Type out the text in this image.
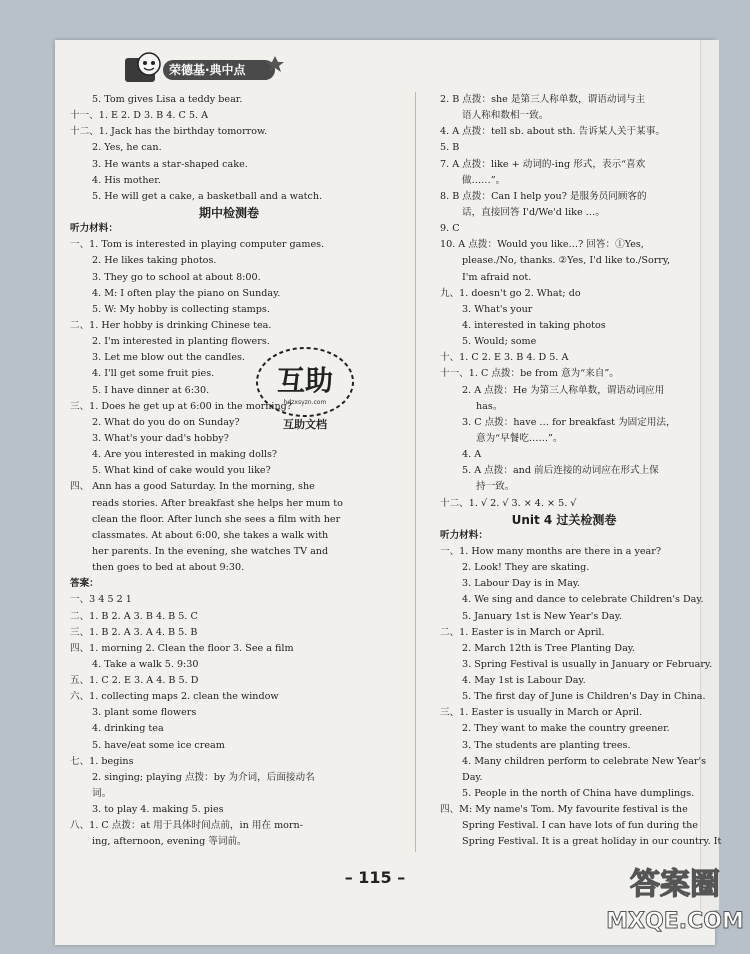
荣德基·典中点
5. Tom gives Lisa a teddy bear.
十一、1. E 2. D 3. B 4. C 5. A
十二、1. Jack has the birthday tomorrow.
2. Yes, he can.
3. He wants a star-shaped cake.
4. His mother.
5. He will get a cake, a basketball and a watch.
期中检测卷
听力材料：
一、1. Tom is interested in playing computer games.
2. He likes taking photos.
3. They go to school at about 8:00.
4. M: I often play the piano on Sunday.
5. W: My hobby is collecting stamps.
二、1. Her hobby is drinking Chinese tea.
2. I'm interested in planting flowers.
3. Let me blow out the candles.
4. I'll get some fruit pies.
5. I have dinner at 6:30.
三、1. Does he get up at 6:00 in the morning?
2. What do you do on Sunday?
3. What's your dad's hobby?
4. Are you interested in making dolls?
5. What kind of cake would you like?
四、 Ann has a good Saturday. In the morning, she
reads stories. After breakfast she helps her mum to
clean the floor. After lunch she sees a film with her
classmates. At about 6:00, she takes a walk with
her parents. In the evening, she watches TV and
then goes to bed at about 9:30.
答案：
一、3 4 5 2 1
二、1. B 2. A 3. B 4. B 5. C
三、1. B 2. A 3. A 4. B 5. B
四、1. morning 2. Clean the floor 3. See a film
4. Take a walk 5. 9:30
五、1. C 2. E 3. A 4. B 5. D
六、1. collecting maps 2. clean the window
3. plant some flowers
4. drinking tea
5. have/eat some ice cream
七、1. begins
2. singing; playing 点拨：by 为介词，后面接动名
词。
3. to play 4. making 5. pies
八、1. C 点拨：at 用于具体时间点前，in 用在 morn-
ing, afternoon, evening 等词前。
2. B 点拨：she 是第三人称单数，谓语动词与主
语人称和数相一致。
4. A 点拨：tell sb. about sth. 告诉某人关于某事。
5. B
7. A 点拨：like + 动词的-ing 形式，表示“喜欢
做……”。
8. B 点拨：Can I help you? 是服务员同顾客的
话，直接回答 I'd/We'd like …。
9. C
10. A 点拨：Would you like…? 回答：①Yes,
please./No, thanks. ②Yes, I'd like to./Sorry,
I'm afraid not.
九、1. doesn't go 2. What; do
3. What's your
4. interested in taking photos
5. Would; some
十、1. C 2. E 3. B 4. D 5. A
十一、1. C 点拨：be from 意为“来自”。
2. A 点拨：He 为第三人称单数，谓语动词应用
has。
3. C 点拨：have … for breakfast 为固定用法，
意为“早餐吃……”。
4. A
5. A 点拨：and 前后连接的动词应在形式上保
持一致。
十二、1. √ 2. √ 3. × 4. × 5. √
Unit 4 过关检测卷
听力材料：
一、1. How many months are there in a year?
2. Look! They are skating.
3. Labour Day is in May.
4. We sing and dance to celebrate Children's Day.
5. January 1st is New Year's Day.
二、1. Easter is in March or April.
2. March 12th is Tree Planting Day.
3. Spring Festival is usually in January or February.
4. May 1st is Labour Day.
5. The first day of June is Children's Day in China.
三、1. Easter is usually in March or April.
2. They want to make the country greener.
3. The students are planting trees.
4. Many children perform to celebrate New Year's
Day.
5. People in the north of China have dumplings.
四、M: My name's Tom. My favourite festival is the
Spring Festival. I can have lots of fun during the
Spring Festival. It is a great holiday in our country. It
互助
hdzxsyzn.com
互助文档
– 115 –	答案圈
MXQE.COM
